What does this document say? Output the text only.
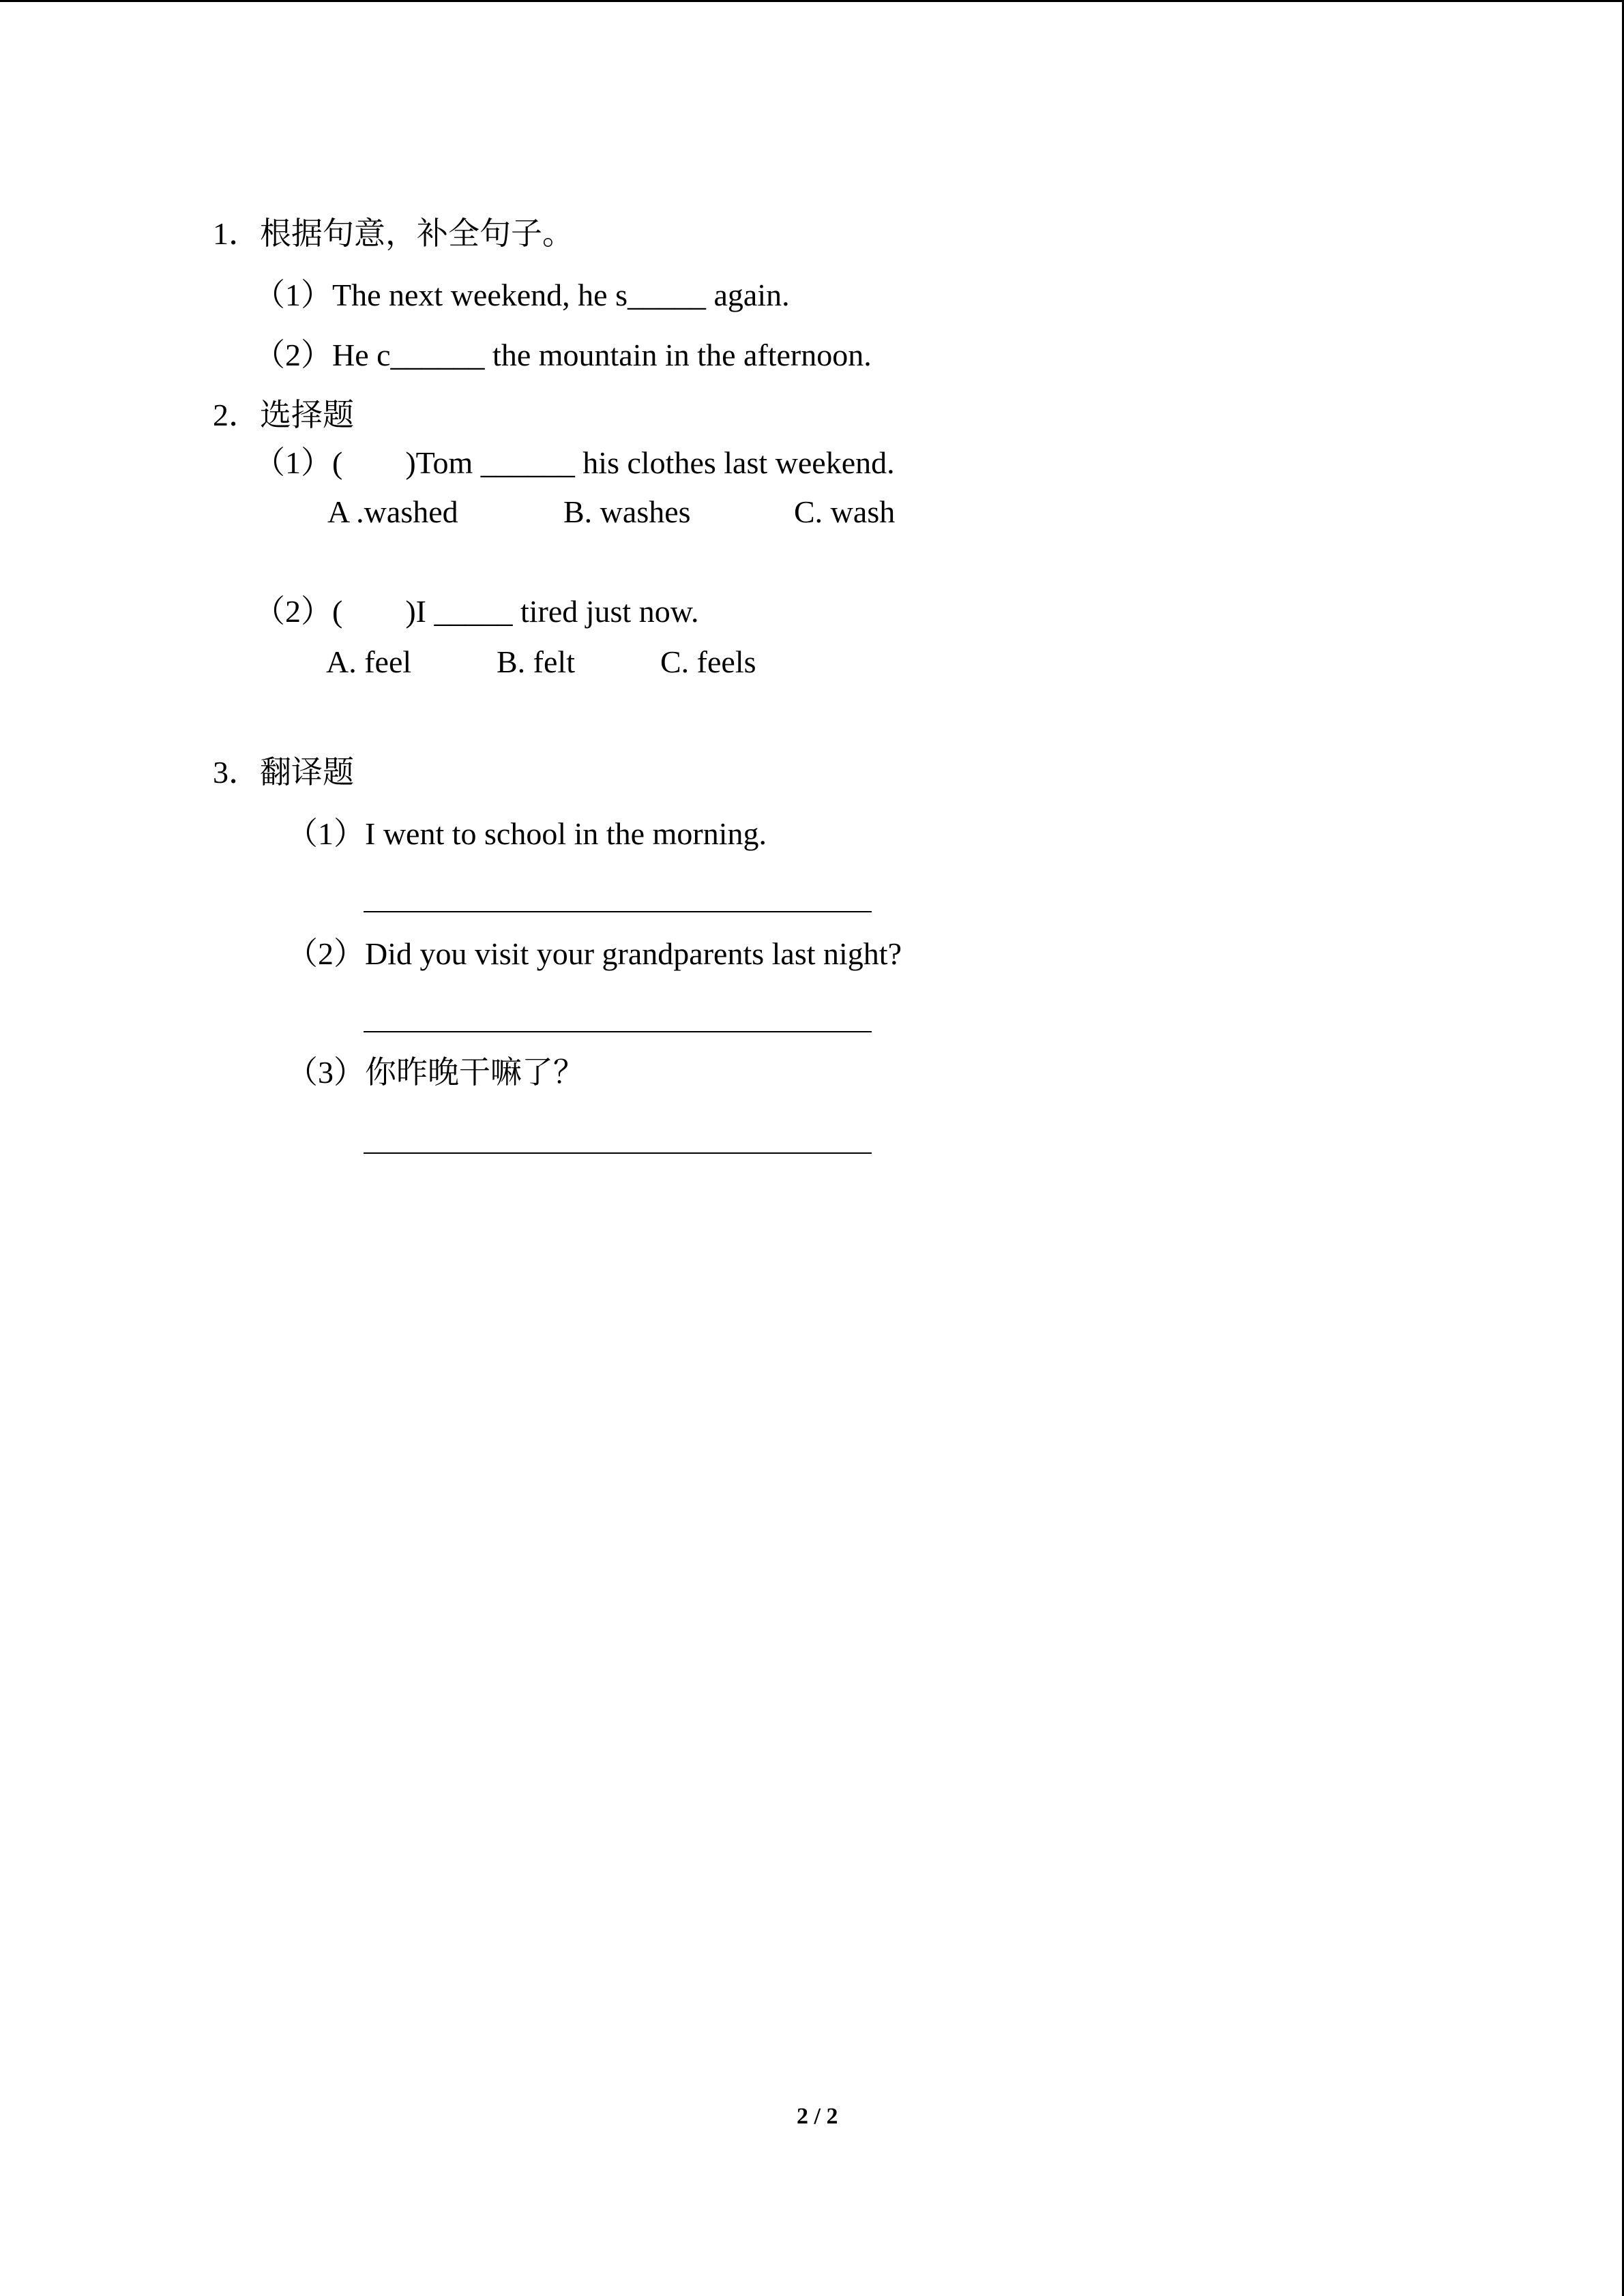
1．根据句意，补全句子。
（1）The next weekend, he s_____ again.
（2）He c______ the mountain in the afternoon.
2．选择题
（1）(        )Tom ______ his clothes last weekend.
A .washed	B. washes	C. wash
（2）(        )I _____ tired just now.
A. feel	B. felt	C. feels
3．翻译题
（1）I went to school in the morning.
（2）Did you visit your grandparents last night?
（3）你昨晚干嘛了？
2 / 2
